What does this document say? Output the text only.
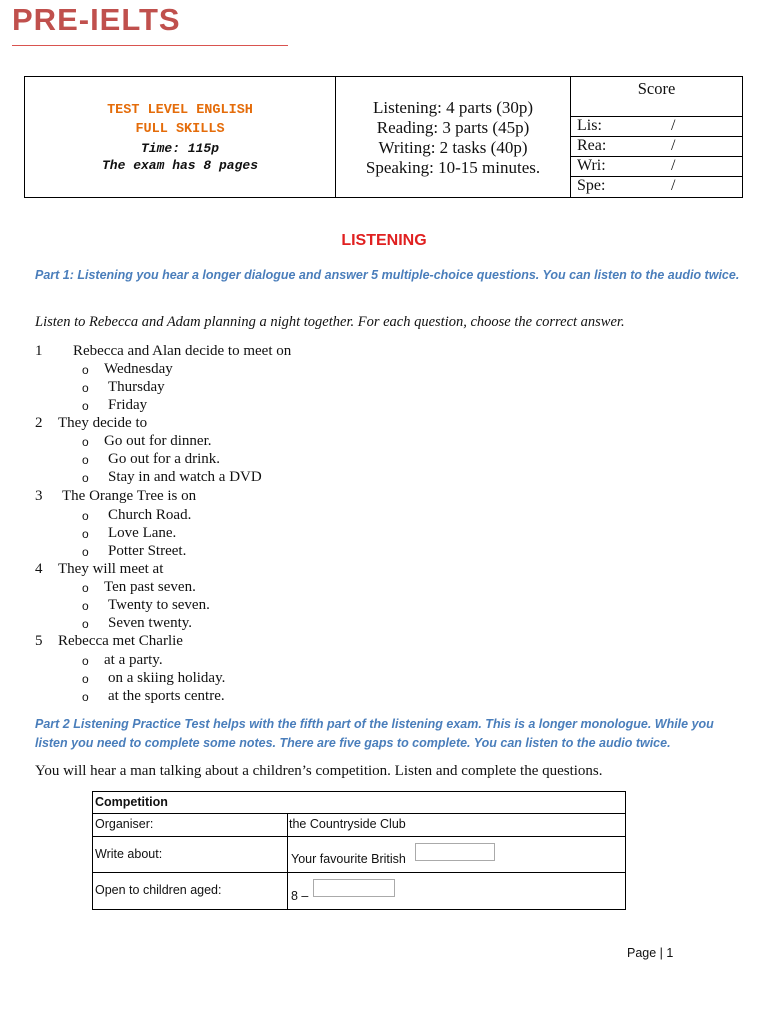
PRE-IELTS
TEST LEVEL ENGLISH
FULL SKILLS
Time: 115p
The exam has 8 pages
Listening: 4 parts (30p)
Reading: 3 parts (45p)
Writing: 2 tasks (40p)
Speaking: 10-15 minutes.
Score
Lis:	/
Rea:	/
Wri:	/
Spe:	/
LISTENING
Part 1: Listening you hear a longer dialogue and answer 5 multiple-choice questions. You can listen to the audio twice.
Listen to Rebecca and Adam planning a night together. For each question, choose the correct answer.
1 Rebecca and Alan decide to meet on
o Wednesday
o Thursday
o Friday
2 They decide to
o Go out for dinner.
o Go out for a drink.
o Stay in and watch a DVD
3 The Orange Tree is on
o Church Road.
o Love Lane.
o Potter Street.
4 They will meet at
o Ten past seven.
o Twenty to seven.
o Seven twenty.
5 Rebecca met Charlie
o at a party.
o on a skiing holiday.
o at the sports centre.
Part 2 Listening Practice Test helps with the fifth part of the listening exam. This is a longer monologue. While you listen you need to complete some notes. There are five gaps to complete. You can listen to the audio twice.
You will hear a man talking about a children’s competition. Listen and complete the questions.
Competition
Organiser:	the Countryside Club
Write about:	Your favourite British
Open to children aged:	8 –
Page | 1
